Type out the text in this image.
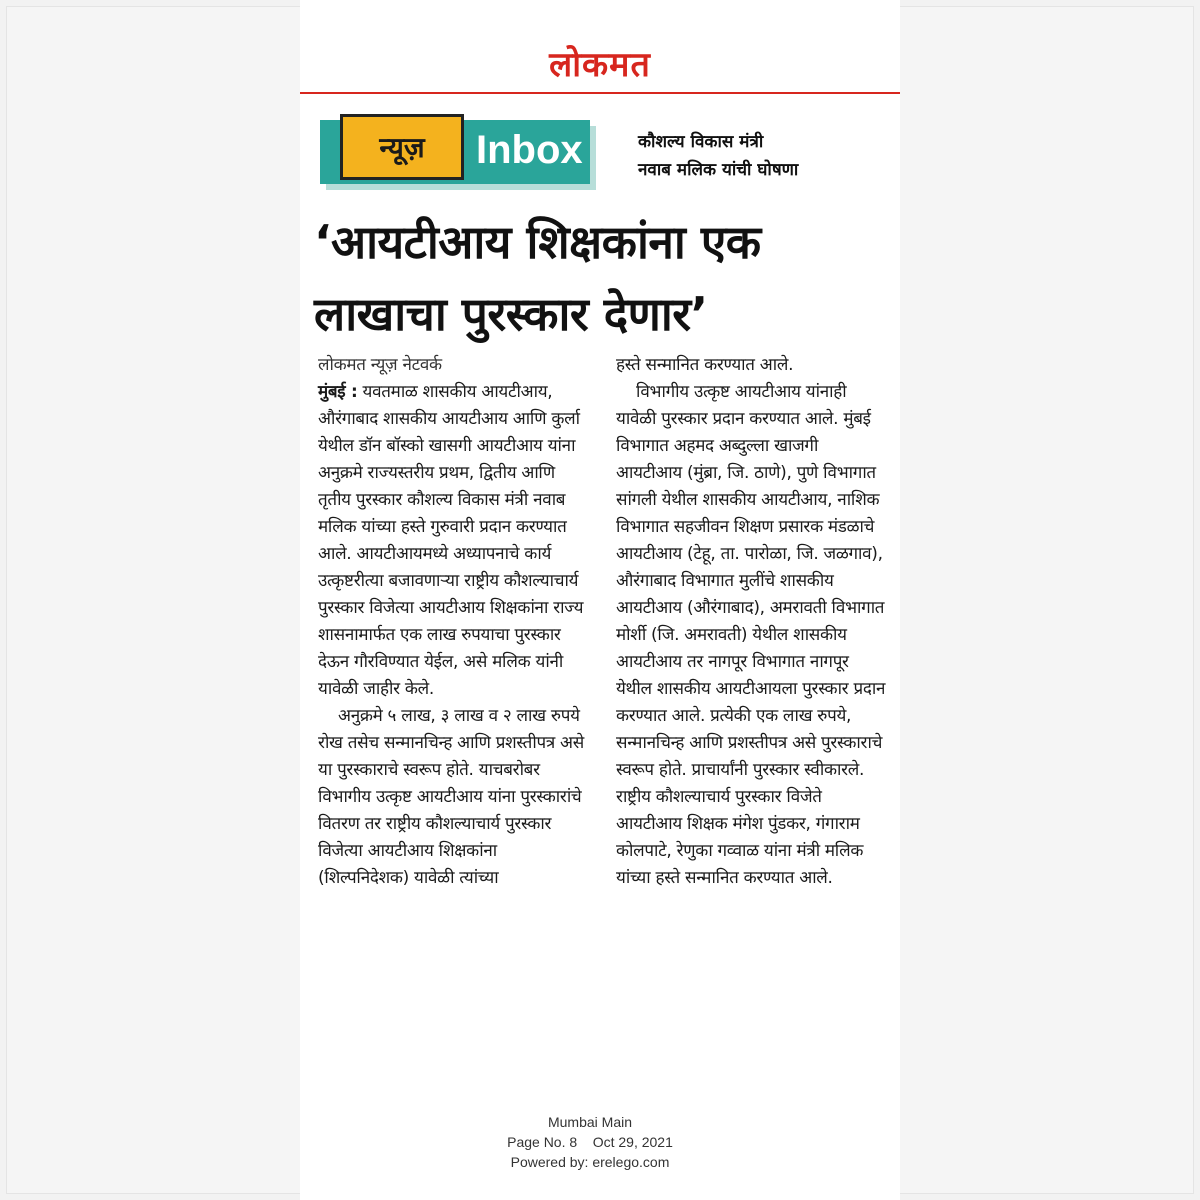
लोकमत
न्यूज़	Inbox	कौशल्य विकास मंत्री
नवाब मलिक यांची घोषणा
‘आयटीआय शिक्षकांना एक
लाखाचा पुरस्कार देणार’

लोकमत न्यूज़ नेटवर्क

मुंबई : यवतमाळ शासकीय आयटीआय, औरंगाबाद शासकीय आयटीआय आणि कुर्ला येथील डॉन बॉस्को खासगी आयटीआय यांना अनुक्रमे राज्यस्तरीय प्रथम, द्वितीय आणि तृतीय पुरस्कार कौशल्य विकास मंत्री नवाब मलिक यांच्या हस्ते गुरुवारी प्रदान करण्यात आले. आयटीआयमध्ये अध्यापनाचे कार्य उत्कृष्टरीत्या बजावणाऱ्या राष्ट्रीय कौशल्याचार्य पुरस्कार विजेत्या आयटीआय शिक्षकांना राज्य शासनामार्फत एक लाख रुपयाचा पुरस्कार देऊन गौरविण्यात येईल, असे मलिक यांनी यावेळी जाहीर केले.

अनुक्रमे ५ लाख, ३ लाख व २ लाख रुपये रोख तसेच सन्मानचिन्ह आणि प्रशस्तीपत्र असे या पुरस्काराचे स्वरूप होते. याचबरोबर विभागीय उत्कृष्ट आयटीआय यांना पुरस्कारांचे वितरण तर राष्ट्रीय कौशल्याचार्य पुरस्कार विजेत्या आयटीआय शिक्षकांना (शिल्पनिदेशक) यावेळी त्यांच्या

हस्ते सन्मानित करण्यात आले.

विभागीय उत्कृष्ट आयटीआय यांनाही यावेळी पुरस्कार प्रदान करण्यात आले. मुंबई विभागात अहमद अब्दुल्ला खाजगी आयटीआय (मुंब्रा, जि. ठाणे), पुणे विभागात सांगली येथील शासकीय आयटीआय, नाशिक विभागात सहजीवन शिक्षण प्रसारक मंडळाचे आयटीआय (टेहू, ता. पारोळा, जि. जळगाव), औरंगाबाद विभागात मुलींचे शासकीय आयटीआय (औरंगाबाद), अमरावती विभागात मोर्शी (जि. अमरावती) येथील शासकीय आयटीआय तर नागपूर विभागात नागपूर येथील शासकीय आयटीआयला पुरस्कार प्रदान करण्यात आले. प्रत्येकी एक लाख रुपये, सन्मानचिन्ह आणि प्रशस्तीपत्र असे पुरस्काराचे स्वरूप होते. प्राचार्यांनी पुरस्कार स्वीकारले. राष्ट्रीय कौशल्याचार्य पुरस्कार विजेते आयटीआय शिक्षक मंगेश पुंडकर, गंगाराम कोलपाटे, रेणुका गव्वाळ यांना मंत्री मलिक यांच्या हस्ते सन्मानित करण्यात आले.

Mumbai Main
Page No. 8    Oct 29, 2021
Powered by: erelego.com
